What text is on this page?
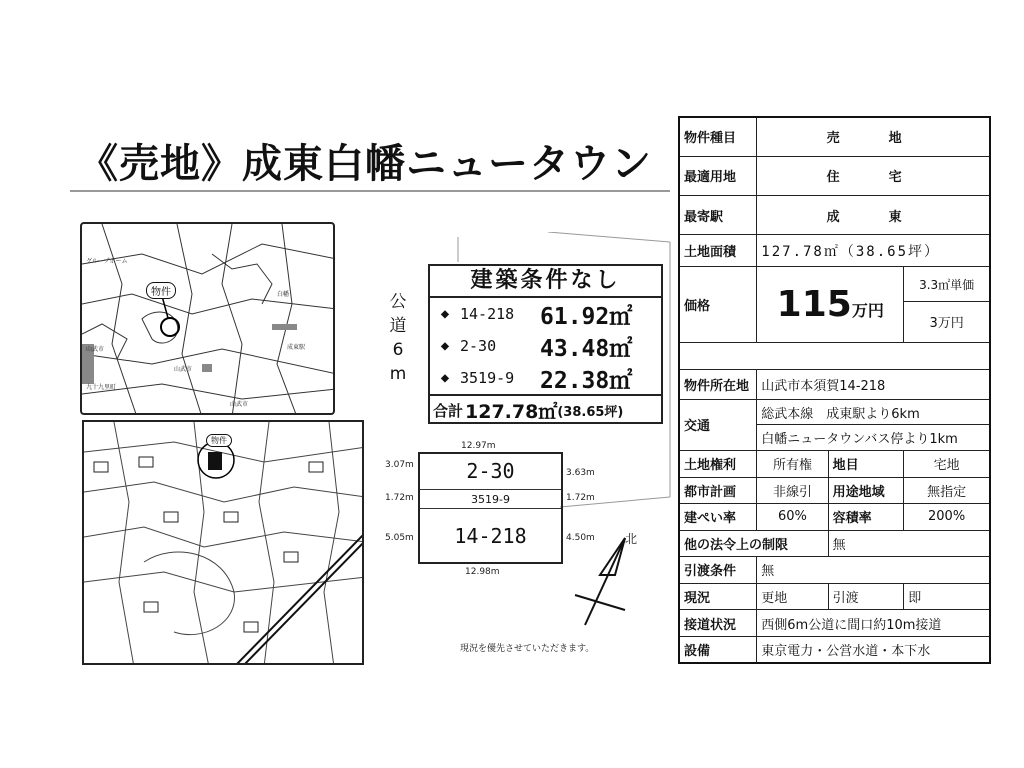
《売地》成東白幡ニュータウン
物件
グループホーム
山武市
九十九里町
山武市
白幡
成東駅
山武市
物件
建築条件なし
◆ 14-218	61.92㎡
◆ 2-30	43.48㎡
◆ 3519-9	22.38㎡
合計 127.78㎡ (38.65坪)
公
道
6
m
12.97m
3.07m
1.72m
5.05m
3.63m
1.72m
4.50m
2-30
3519-9
14-218
12.98m
北
現況を優先させていただきます。
物件種目	売　地		
最適用地	住　宅		
最寄駅	成　東		
土地面積	127.78㎡（38.65坪）		
価格	115万円		3.3㎡単価
			3万円

物件所在地	山武市本須賀14-218		
交通	総武本線　成東駅より6km		
	白幡ニュータウンバス停より1km		
土地権利	所有権	地目	宅地
都市計画	非線引	用途地域	無指定
建ぺい率	60%	容積率	200%
他の法令上の制限		無	
引渡条件	無		
現況	更地	引渡	即
接道状況	西側6m公道に間口約10m接道		
設備	東京電力・公営水道・本下水		
